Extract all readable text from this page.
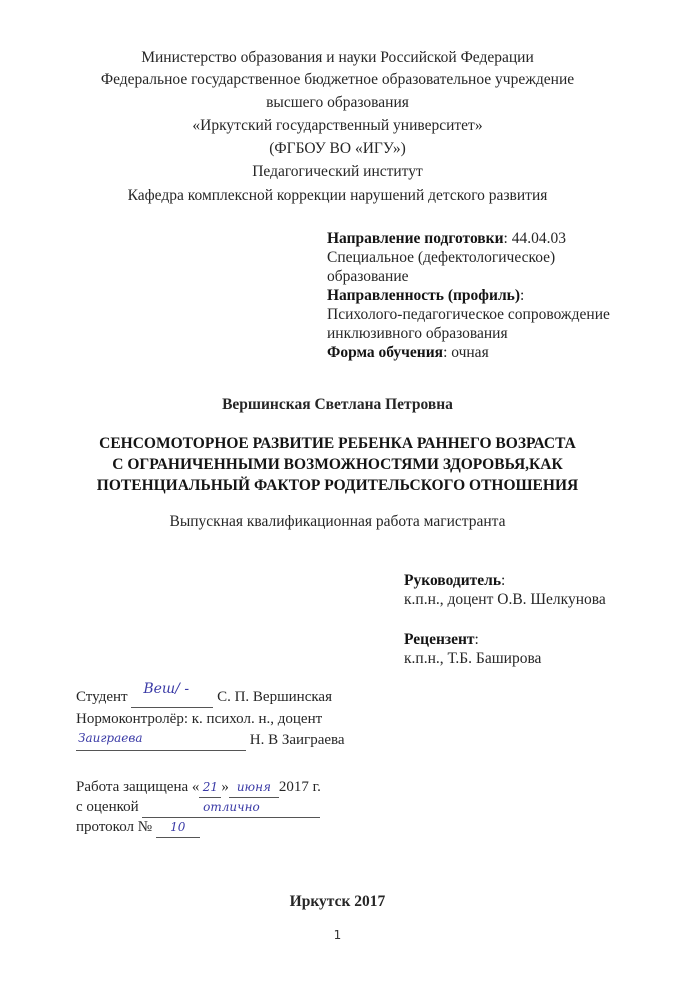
Министерство образования и науки Российской Федерации
Федеральное государственное бюджетное образовательное учреждение
высшего образования
«Иркутский государственный университет»
(ФГБОУ ВО «ИГУ»)
Педагогический институт
Кафедра комплексной коррекции нарушений детского развития
Направление подготовки: 44.04.03
Специальное (дефектологическое)
образование
Направленность (профиль):
Психолого-педагогическое сопровождение
инклюзивного образования
Форма обучения: очная
Вершинская Светлана Петровна
СЕНСОМОТОРНОЕ РАЗВИТИЕ РЕБЕНКА РАННЕГО ВОЗРАСТА
С ОГРАНИЧЕННЫМИ ВОЗМОЖНОСТЯМИ ЗДОРОВЬЯ,КАК
ПОТЕНЦИАЛЬНЫЙ ФАКТОР РОДИТЕЛЬСКОГО ОТНОШЕНИЯ
Выпускная квалификационная работа магистранта
Руководитель:
к.п.н., доцент О.В. Шелкунова
Рецензент:
к.п.н., Т.Б. Баширова
Студент Веш/ - С. П. Вершинская
Нормоконтролёр: к. психол. н., доцент
Заиграева	Н. В Заиграева
Работа защищена « 21 » июня 2017 г.
с оценкой	отлично
протокол № 10
Иркутск 2017
1
